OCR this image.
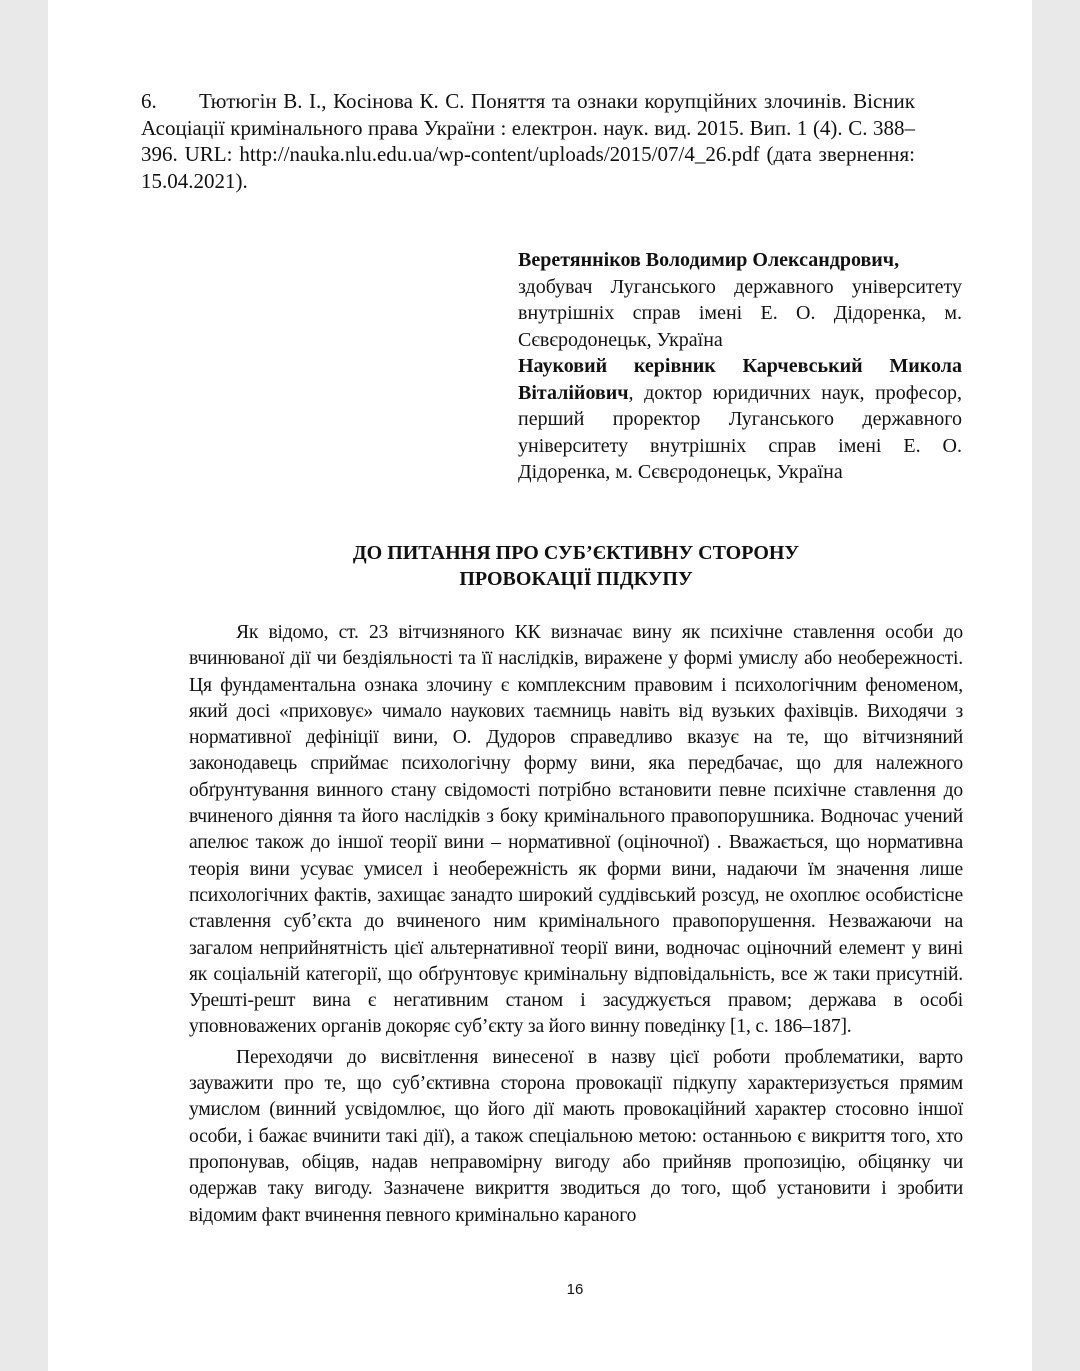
6. Тютюгін В. І., Косінова К. С. Поняття та ознаки корупційних злочинів. Вісник Асоціації кримінального права України : електрон. наук. вид. 2015. Вип. 1 (4). С. 388–396. URL: http://nauka.nlu.edu.ua/wp-content/uploads/2015/07/4_26.pdf (дата звернення: 15.04.2021).

Веретянніков Володимир Олександрович,

здобувач Луганського державного університету внутрішніх справ імені Е. О. Дідоренка, м. Сєвєродонецьк, Україна

Науковий керівник Карчевський Микола Віталійович, доктор юридичних наук, професор, перший проректор Луганського державного університету внутрішніх справ імені Е. О. Дідоренка, м. Сєвєродонецьк, Україна

ДО ПИТАННЯ ПРО СУБ’ЄКТИВНУ СТОРОНУ
ПРОВОКАЦІЇ ПІДКУПУ

Як відомо, ст. 23 вітчизняного КК визначає вину як психічне ставлення особи до вчинюваної дії чи бездіяльності та її наслідків, виражене у формі умислу або необережності. Ця фундаментальна ознака злочину є комплексним правовим і психологічним феноменом, який досі «приховує» чимало наукових таємниць навіть від вузьких фахівців. Виходячи з нормативної дефініції вини, О. Дудоров справедливо вказує на те, що вітчизняний законодавець сприймає психологічну форму вини, яка передбачає, що для належного обґрунтування винного стану свідомості потрібно встановити певне психічне ставлення до вчиненого діяння та його наслідків з боку кримінального правопорушника. Водночас учений апелює також до іншої теорії вини – нормативної (оціночної) . Вважається, що нормативна теорія вини усуває умисел і необережність як форми вини, надаючи їм значення лише психологічних фактів, захищає занадто широкий суддівський розсуд, не охоплює особистісне ставлення суб’єкта до вчиненого ним кримінального правопорушення. Незважаючи на загалом неприйнятність цієї альтернативної теорії вини, водночас оціночний елемент у вині як соціальній категорії, що обґрунтовує кримінальну відповідальність, все ж таки присутній. Урешті-решт вина є негативним станом і засуджується правом; держава в особі уповноважених органів докоряє суб’єкту за його винну поведінку [1, с. 186–187].

Переходячи до висвітлення винесеної в назву цієї роботи проблематики, варто зауважити про те, що суб’єктивна сторона провокації підкупу характеризується прямим умислом (винний усвідомлює, що його дії мають провокаційний характер стосовно іншої особи, і бажає вчинити такі дії), а також спеціальною метою: останньою є викриття того, хто пропонував, обіцяв, надав неправомірну вигоду або прийняв пропозицію, обіцянку чи одержав таку вигоду. Зазначене викриття зводиться до того, щоб установити і зробити відомим факт вчинення певного кримінально караного

16
